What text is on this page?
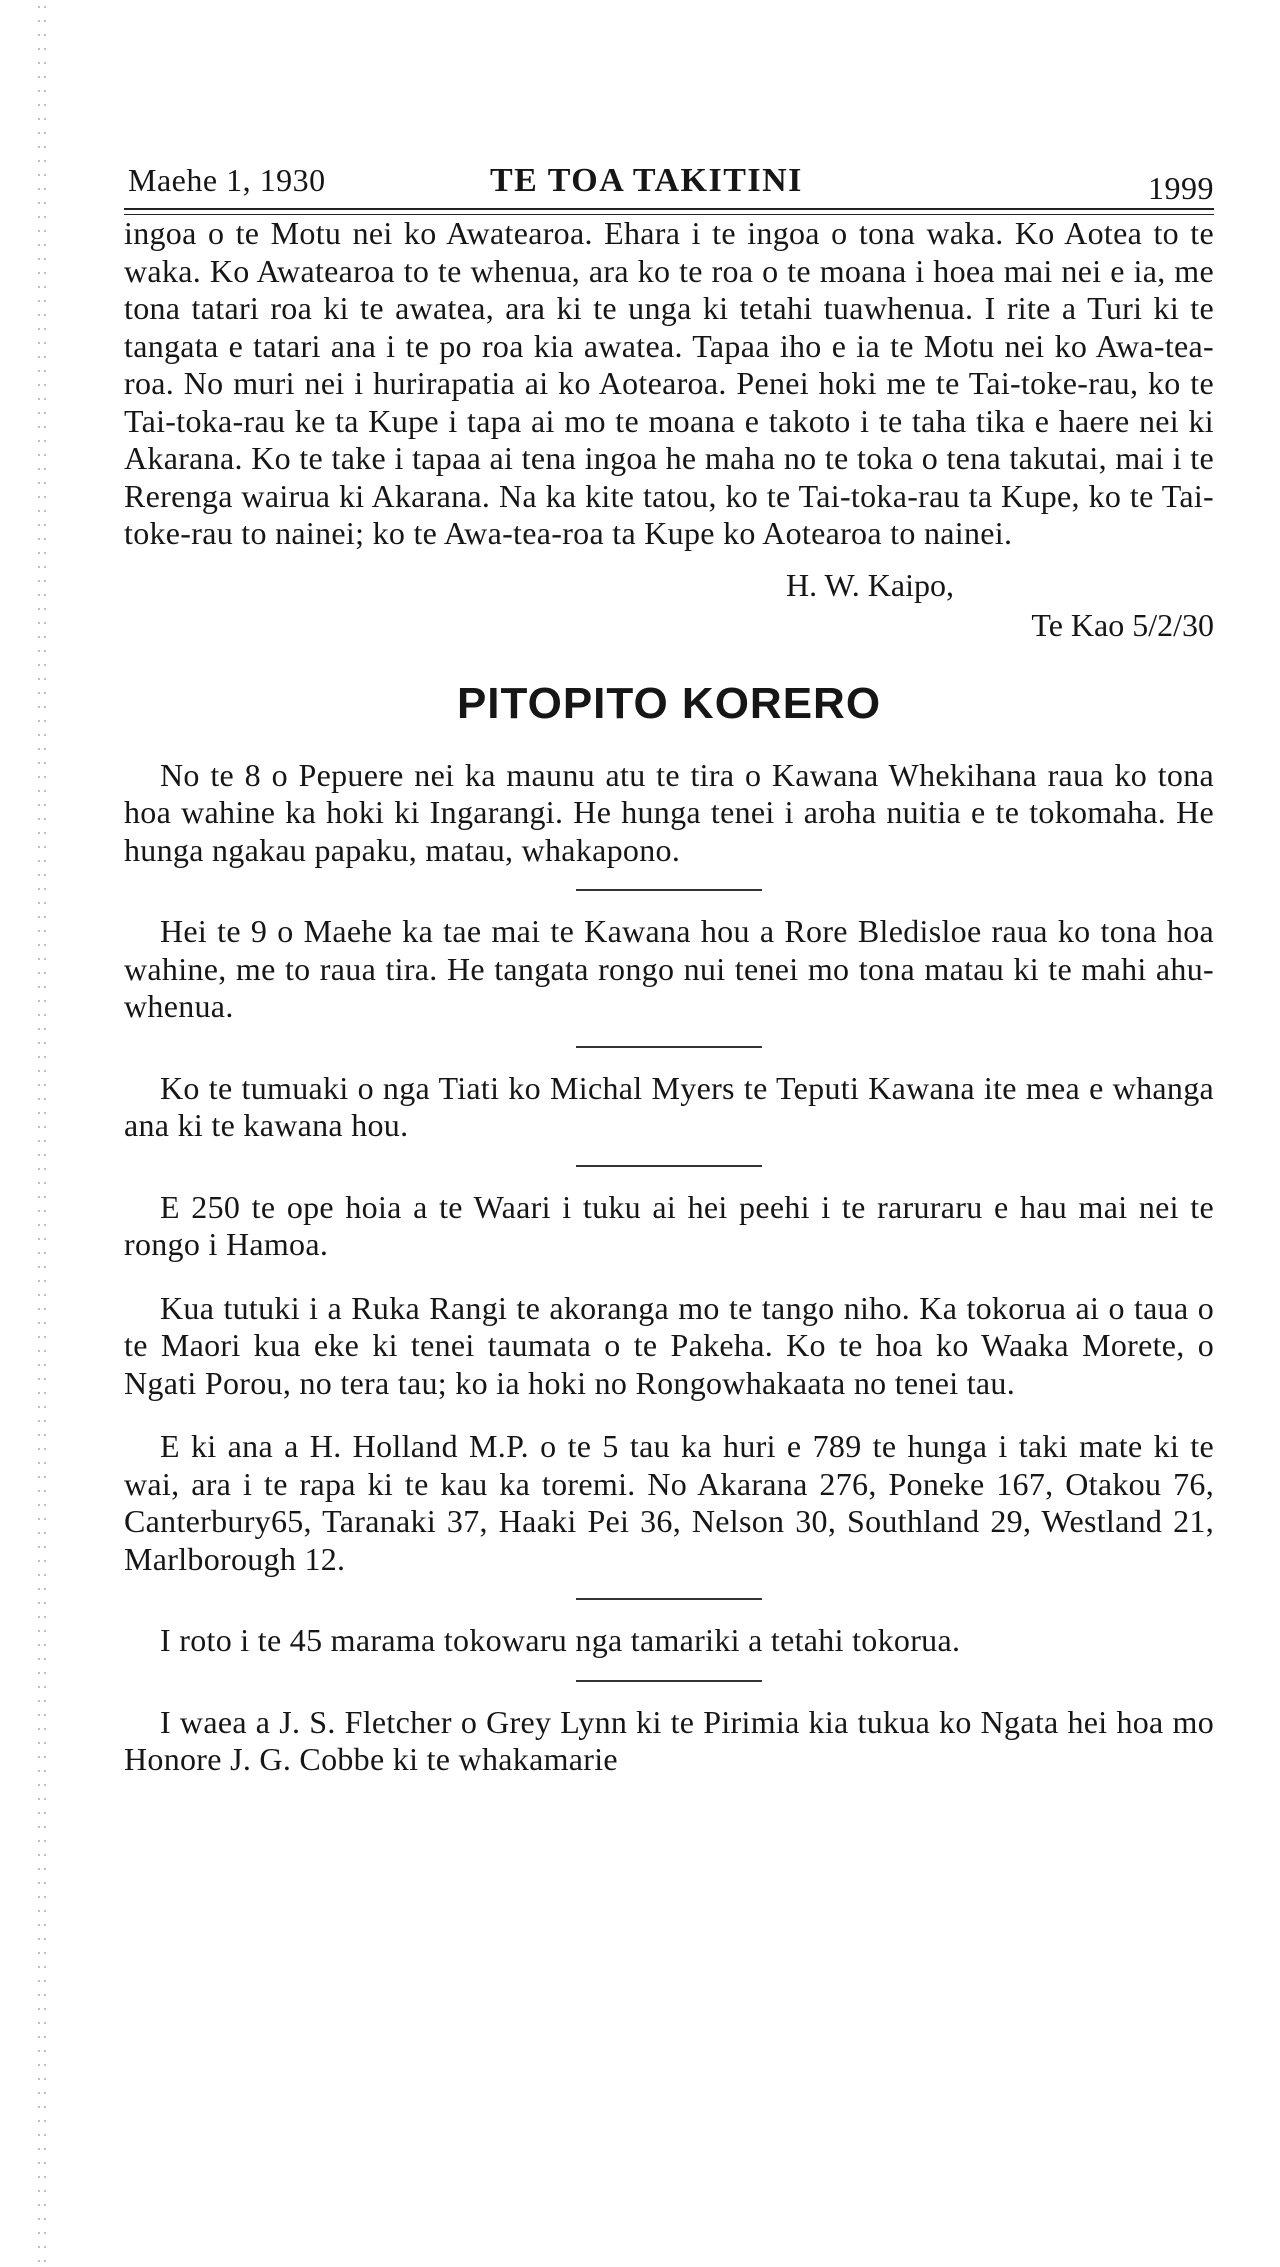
Maehe 1, 1930	TE TOA TAKITINI	1999

ingoa o te Motu nei ko Awatearoa. Ehara i te ingoa o tona waka. Ko Aotea to te waka. Ko Awatearoa to te whenua, ara ko te roa o te moana i hoea mai nei e ia, me tona tatari roa ki te awatea, ara ki te unga ki tetahi tuawhenua. I rite a Turi ki te tangata e tatari ana i te po roa kia awatea. Tapaa iho e ia te Motu nei ko Awa-tea-roa. No muri nei i hurirapatia ai ko Aotearoa. Penei hoki me te Tai-toke-rau, ko te Tai-toka-rau ke ta Kupe i tapa ai mo te moana e takoto i te taha tika e haere nei ki Akarana. Ko te take i tapaa ai tena ingoa he maha no te toka o tena takutai, mai i te Rerenga wairua ki Akarana. Na ka kite tatou, ko te Tai-toka-rau ta Kupe, ko te Tai-toke-rau to nainei; ko te Awa-tea-roa ta Kupe ko Aotearoa to nainei.

H. W. Kaipo,
Te Kao 5/2/30
PITOPITO KORERO

No te 8 o Pepuere nei ka maunu atu te tira o Kawana Whekihana raua ko tona hoa wahine ka hoki ki Ingarangi. He hunga tenei i aroha nuitia e te tokomaha. He hunga ngakau papaku, matau, whakapono.

Hei te 9 o Maehe ka tae mai te Kawana hou a Rore Bledisloe raua ko tona hoa wahine, me to raua tira. He tangata rongo nui tenei mo tona matau ki te mahi ahu-whenua.

Ko te tumuaki o nga Tiati ko Michal Myers te Teputi Kawana ite mea e whanga ana ki te kawana hou.

E 250 te ope hoia a te Waari i tuku ai hei peehi i te raruraru e hau mai nei te rongo i Hamoa.

Kua tutuki i a Ruka Rangi te akoranga mo te tango niho. Ka tokorua ai o taua o te Maori kua eke ki tenei taumata o te Pakeha. Ko te hoa ko Waaka Morete, o Ngati Porou, no tera tau; ko ia hoki no Rongowhakaata no tenei tau.

E ki ana a H. Holland M.P. o te 5 tau ka huri e 789 te hunga i taki mate ki te wai, ara i te rapa ki te kau ka toremi. No Akarana 276, Poneke 167, Otakou 76, Canterbury65, Taranaki 37, Haaki Pei 36, Nelson 30, Southland 29, Westland 21, Marlborough 12.

I roto i te 45 marama tokowaru nga tamariki a tetahi tokorua.

I waea a J. S. Fletcher o Grey Lynn ki te Pirimia kia tukua ko Ngata hei hoa mo Honore J. G. Cobbe ki te whakamarie
